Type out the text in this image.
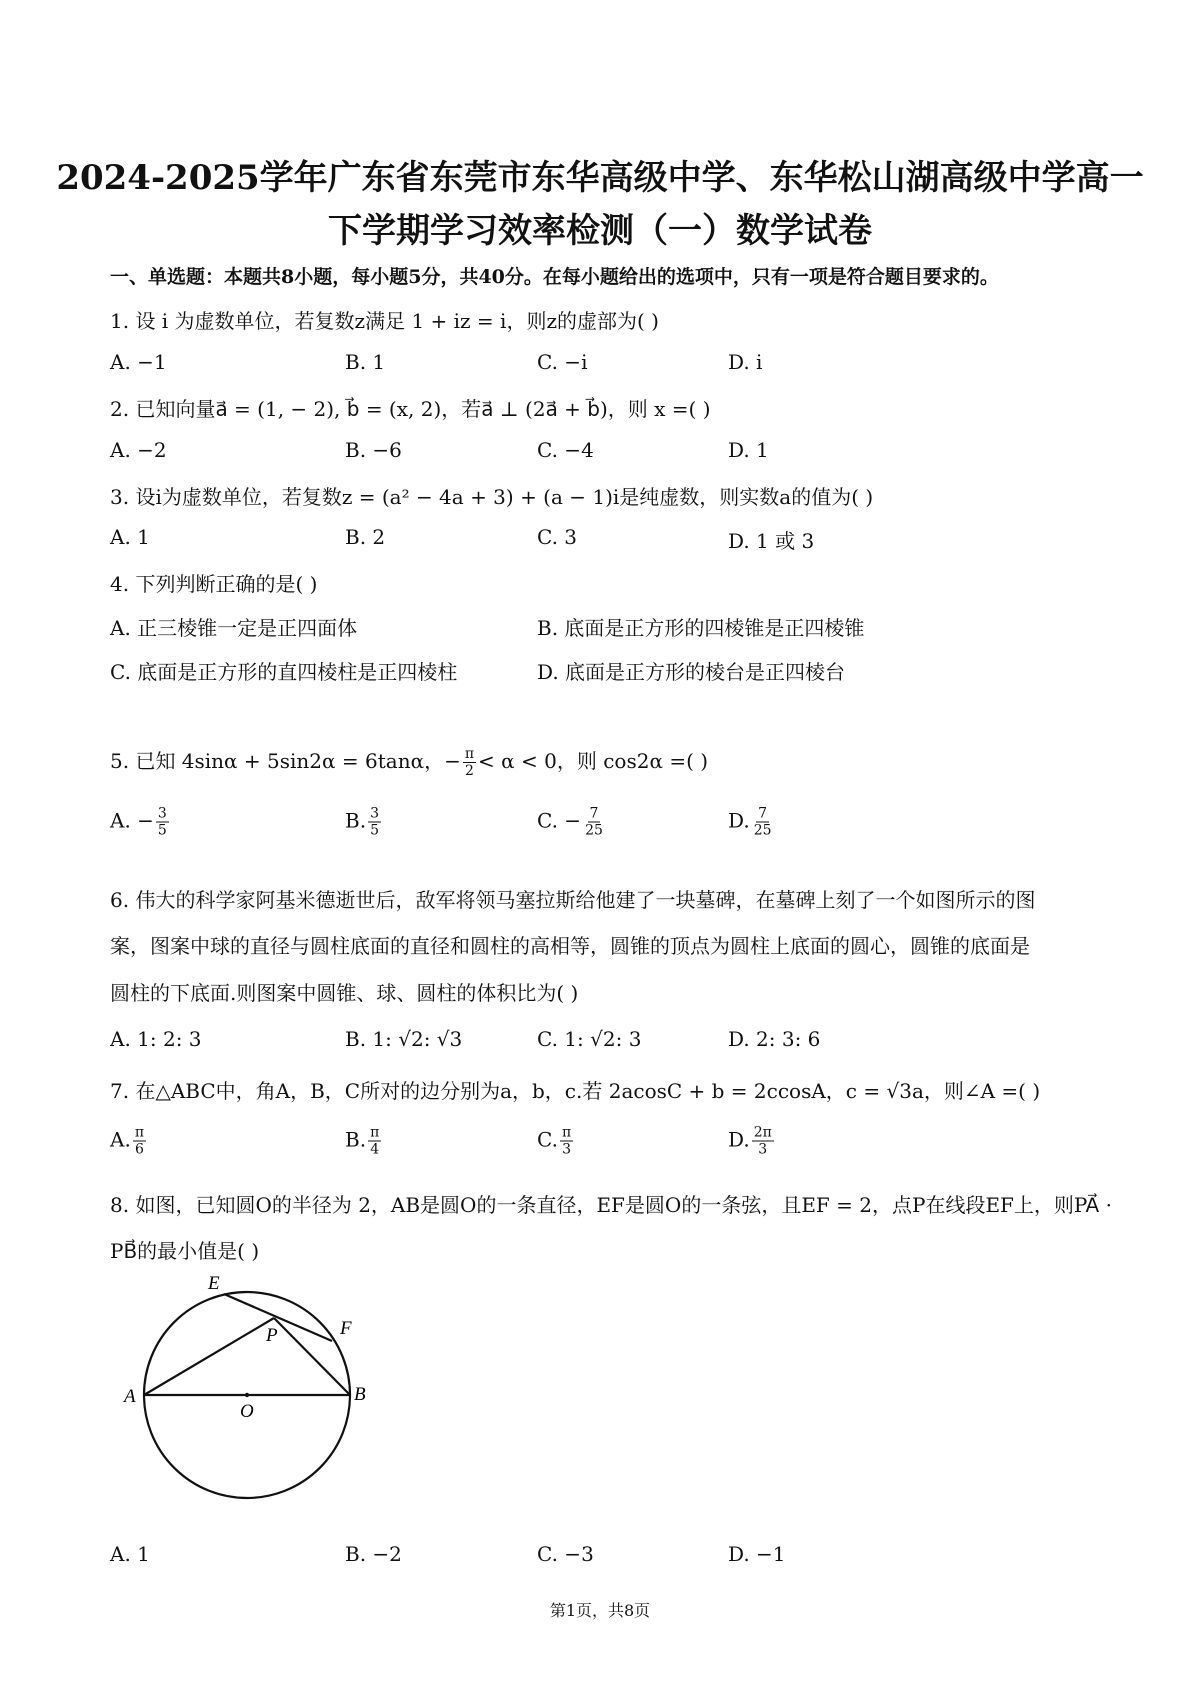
2024-2025学年广东省东莞市东华高级中学、东华松山湖高级中学高一
下学期学习效率检测（一）数学试卷
一、单选题：本题共8小题，每小题5分，共40分。在每小题给出的选项中，只有一项是符合题目要求的。
1. 设 i 为虚数单位，若复数z满足 1 + iz = i，则z的虚部为( )
A. −1	B. 1	C. −i	D. i
2. 已知向量a⃗ = (1, − 2), b⃗ = (x, 2)，若a⃗ ⊥ (2a⃗ + b⃗)，则 x =( )
A. −2	B. −6	C. −4	D. 1
3. 设i为虚数单位，若复数z = (a² − 4a + 3) + (a − 1)i是纯虚数，则实数a的值为( )
A. 1	B. 2	C. 3	D. 1 或 3
4. 下列判断正确的是( )
A. 正三棱锥一定是正四面体	B. 底面是正方形的四棱锥是正四棱锥
C. 底面是正方形的直四棱柱是正四棱柱	D. 底面是正方形的棱台是正四棱台
5. 已知 4sinα + 5sin2α = 6tanα，− $\frac{\pi}{2} < \alpha < 0$，则 cos2α =( )
A. − $\frac{3}{5}$	B. $\frac{3}{5}$	C. − $\frac{7}{25}$	D. $\frac{7}{25}$
6. 伟大的科学家阿基米德逝世后，敌军将领马塞拉斯给他建了一块墓碑，在墓碑上刻了一个如图所示的图
案，图案中球的直径与圆柱底面的直径和圆柱的高相等，圆锥的顶点为圆柱上底面的圆心，圆锥的底面是
圆柱的下底面.则图案中圆锥、球、圆柱的体积比为( )
A. 1: 2: 3	B. 1: √2: √3	C. 1: √2: 3	D. 2: 3: 6
7. 在△ABC中，角A，B，C所对的边分别为a，b，c.若 2acosC + b = 2ccosA，c = √3a，则∠A =( )
A. $\frac{\pi}{6}$	B. $\frac{\pi}{4}$	C. $\frac{\pi}{3}$	D. $\frac{2\pi}{3}$
8. 如图，已知圆O的半径为 2，AB是圆O的一条直径，EF是圆O的一条弦，且EF = 2，点P在线段EF上，则PA⃗ ·
PB⃗的最小值是( )
E
F
P
A	B
O
A. 1	B. −2	C. −3	D. −1
第1页，共8页
